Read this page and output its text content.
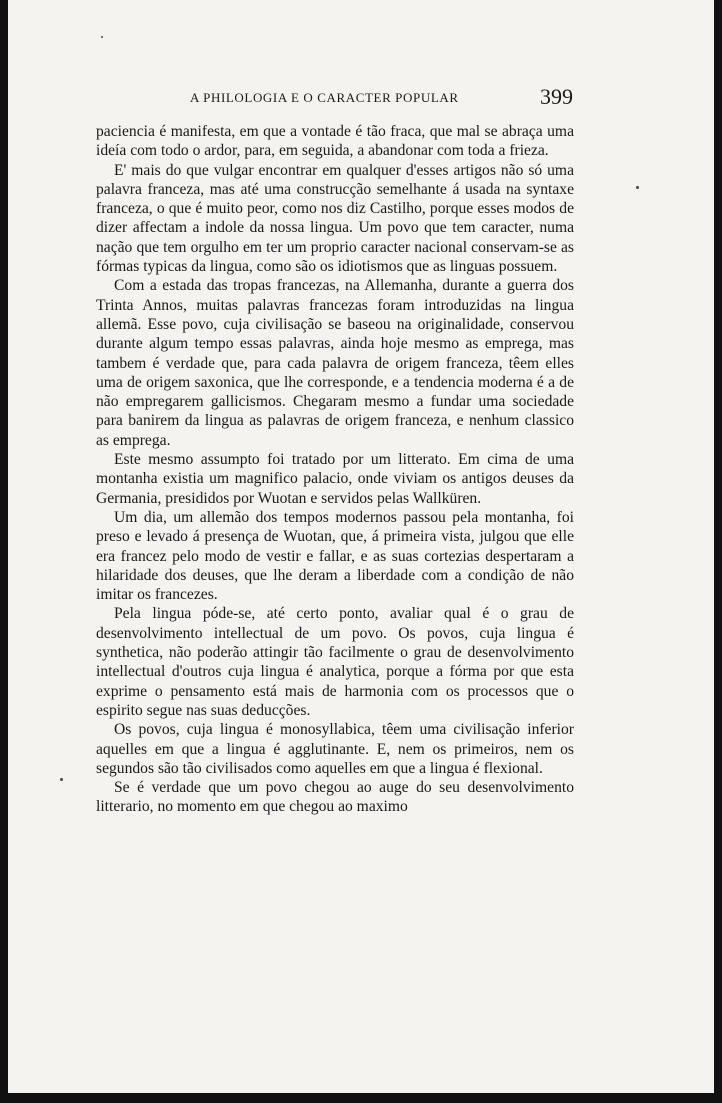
A PHILOLOGIA E O CARACTER POPULAR	399

paciencia é manifesta, em que a vontade é tão fraca, que mal se abraça uma ideía com todo o ardor, para, em seguida, a abandonar com toda a frieza.

E' mais do que vulgar encontrar em qualquer d'esses artigos não só uma palavra franceza, mas até uma construcção semelhante á usada na syntaxe franceza, o que é muito peor, como nos diz Castilho, porque esses modos de dizer affectam a indole da nossa lingua. Um povo que tem caracter, numa nação que tem orgulho em ter um proprio caracter nacional conservam-se as fórmas typicas da lingua, como são os idiotismos que as linguas possuem.

Com a estada das tropas francezas, na Allemanha, durante a guerra dos Trinta Annos, muitas palavras francezas foram introduzidas na lingua allemã. Esse povo, cuja civilisação se baseou na originalidade, conservou durante algum tempo essas palavras, ainda hoje mesmo as emprega, mas tambem é verdade que, para cada palavra de origem franceza, têem elles uma de origem saxonica, que lhe corresponde, e a tendencia moderna é a de não empregarem gallicismos. Chegaram mesmo a fundar uma sociedade para banirem da lingua as palavras de origem franceza, e nenhum classico as emprega.

Este mesmo assumpto foi tratado por um litterato. Em cima de uma montanha existia um magnifico palacio, onde viviam os antigos deuses da Germania, presididos por Wuotan e servidos pelas Wallküren.

Um dia, um allemão dos tempos modernos passou pela montanha, foi preso e levado á presença de Wuotan, que, á primeira vista, julgou que elle era francez pelo modo de vestir e fallar, e as suas cortezias despertaram a hilaridade dos deuses, que lhe deram a liberdade com a condição de não imitar os francezes.

Pela lingua póde-se, até certo ponto, avaliar qual é o grau de desenvolvimento intellectual de um povo. Os povos, cuja lingua é synthetica, não poderão attingir tão facilmente o grau de desenvolvimento intellectual d'outros cuja lingua é analytica, porque a fórma por que esta exprime o pensamento está mais de harmonia com os processos que o espirito segue nas suas deducções.

Os povos, cuja lingua é monosyllabica, têem uma civilisação inferior aquelles em que a lingua é agglutinante. E, nem os primeiros, nem os segundos são tão civilisados como aquelles em que a lingua é flexional.

Se é verdade que um povo chegou ao auge do seu desenvolvimento litterario, no momento em que chegou ao maximo
